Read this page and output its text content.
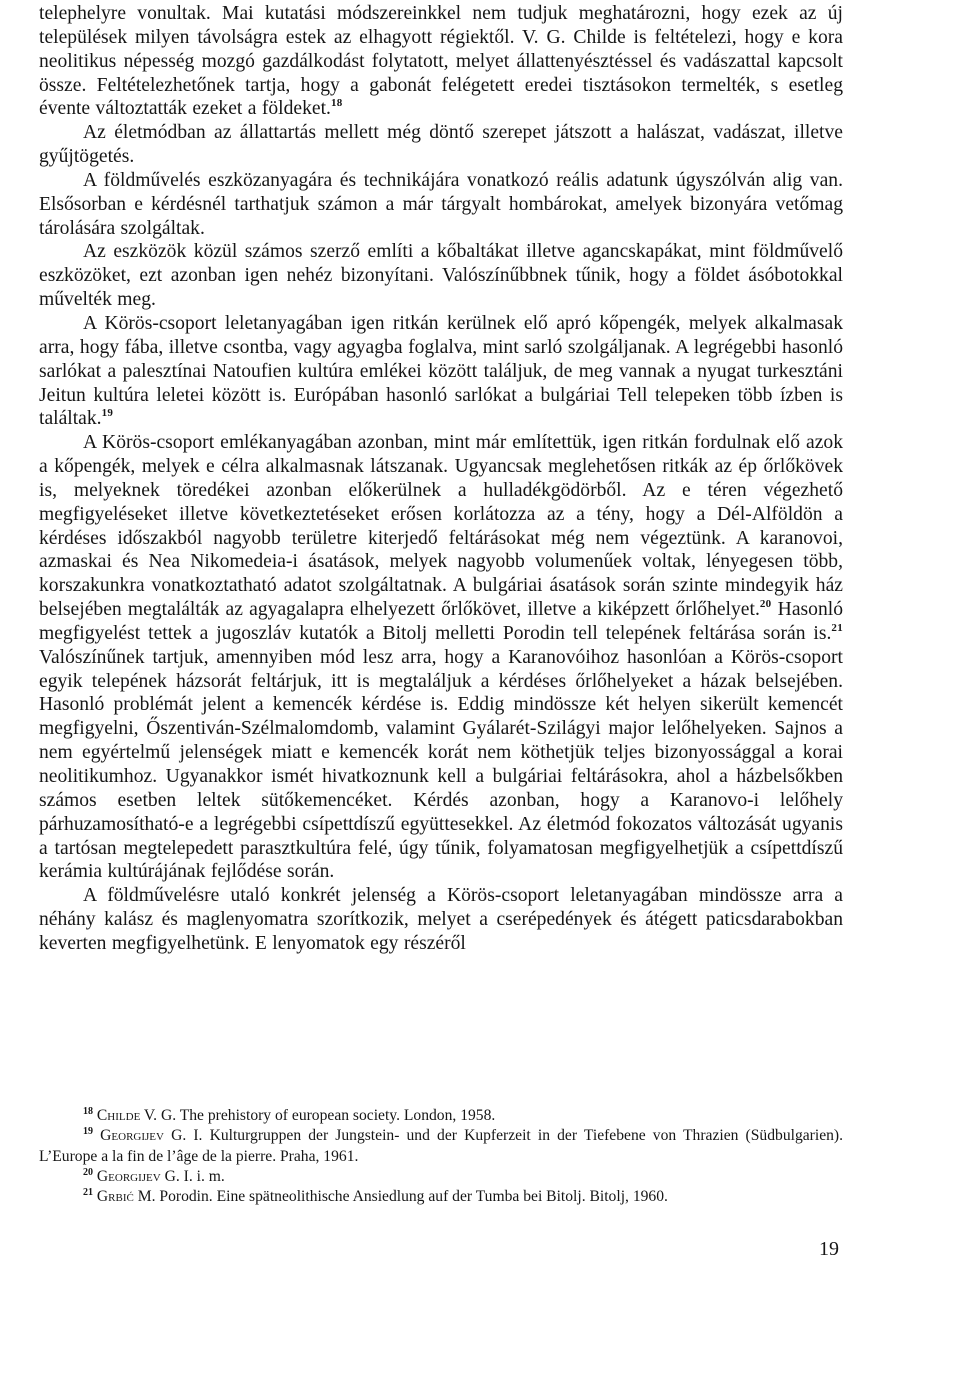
telephelyre vonultak. Mai kutatási módszereinkkel nem tudjuk meghatározni, hogy ezek az új települések milyen távolságra estek az elhagyott régiektől. V. G. Childe is feltételezi, hogy e kora neolitikus népesség mozgó gazdálkodást folytatott, melyet állattenyésztéssel és vadászattal kapcsolt össze. Feltételezhetőnek tartja, hogy a gabonát felégetett eredei tisztásokon termelték, s esetleg évente változtatták ezeket a földeket.$^{18}$

Az életmódban az állattartás mellett még döntő szerepet játszott a halászat, vadászat, illetve gyűjtögetés.

A földművelés eszközanyagára és technikájára vonatkozó reális adatunk úgyszólván alig van. Elsősorban e kérdésnél tarthatjuk számon a már tárgyalt hombárokat, amelyek bizonyára vetőmag tárolására szolgáltak.

Az eszközök közül számos szerző említi a kőbaltákat illetve agancskapákat, mint földművelő eszközöket, ezt azonban igen nehéz bizonyítani. Valószínűbbnek tűnik, hogy a földet ásóbotokkal művelték meg.

A Körös-csoport leletanyagában igen ritkán kerülnek elő apró kőpengék, melyek alkalmasak arra, hogy fába, illetve csontba, vagy agyagba foglalva, mint sarló szolgáljanak. A legrégebbi hasonló sarlókat a palesztínai Natoufien kultúra emlékei között találjuk, de meg vannak a nyugat turkesztáni Jeitun kultúra leletei között is. Európában hasonló sarlókat a bulgáriai Tell telepeken több ízben is találtak.$^{19}$

A Körös-csoport emlékanyagában azonban, mint már említettük, igen ritkán fordulnak elő azok a kőpengék, melyek e célra alkalmasnak látszanak. Ugyancsak meglehetősen ritkák az ép őrlőkövek is, melyeknek töredékei azonban előkerülnek a hulladékgödörből. Az e téren végezhető megfigyeléseket illetve következtetéseket erősen korlátozza az a tény, hogy a Dél-Alföldön a kérdéses időszakból nagyobb területre kiterjedő feltárásokat még nem végeztünk. A karanovoi, azmaskai és Nea Nikomedeia-i ásatások, melyek nagyobb volumenűek voltak, lényegesen több, korszakunkra vonatkoztatható adatot szolgáltatnak. A bulgáriai ásatások során szinte mindegyik ház belsejében megtalálták az agyagalapra elhelyezett őrlőkövet, illetve a kiképzett őrlőhelyet.$^{20}$ Hasonló megfigyelést tettek a jugoszláv kutatók a Bitolj melletti Porodin tell telepének feltárása során is.$^{21}$ Valószínűnek tartjuk, amennyiben mód lesz arra, hogy a Karanovóihoz hasonlóan a Körös-csoport egyik telepének házsorát feltárjuk, itt is megtaláljuk a kérdéses őrlőhelyeket a házak belsejében. Hasonló problémát jelent a kemencék kérdése is. Eddig mindössze két helyen sikerült kemencét megfigyelni, Őszentiván-Szélmalomdomb, valamint Gyálarét-Szilágyi major lelőhelyeken. Sajnos a nem egyértelmű jelenségek miatt e kemencék korát nem köthetjük teljes bizonyossággal a korai neolitikumhoz. Ugyanakkor ismét hivatkoznunk kell a bulgáriai feltárásokra, ahol a házbelsőkben számos esetben leltek sütőkemencéket. Kérdés azonban, hogy a Karanovo-i lelőhely párhuzamosítható-e a legrégebbi csípettdíszű együttesekkel. Az életmód fokozatos változását ugyanis a tartósan megtelepedett parasztkultúra felé, úgy tűnik, folyamatosan megfigyelhetjük a csípettdíszű kerámia kultúrájának fejlődése során.

A földművelésre utaló konkrét jelenség a Körös-csoport leletanyagában mindössze arra a néhány kalász és maglenyomatra szorítkozik, melyet a cserépedények és átégett paticsdarabokban keverten megfigyelhetünk. E lenyomatok egy részéről

$^{18}$ Childe V. G. The prehistory of european society. London, 1958.

$^{19}$ Georgijev G. I. Kulturgruppen der Jungstein- und der Kupferzeit in der Tiefebene von Thrazien (Südbulgarien). L’Europe a la fin de l’âge de la pierre. Praha, 1961.

$^{20}$ Georgijev G. I. i. m.

$^{21}$ Grbić M. Porodin. Eine spätneolithische Ansiedlung auf der Tumba bei Bitolj. Bitolj, 1960.

19
